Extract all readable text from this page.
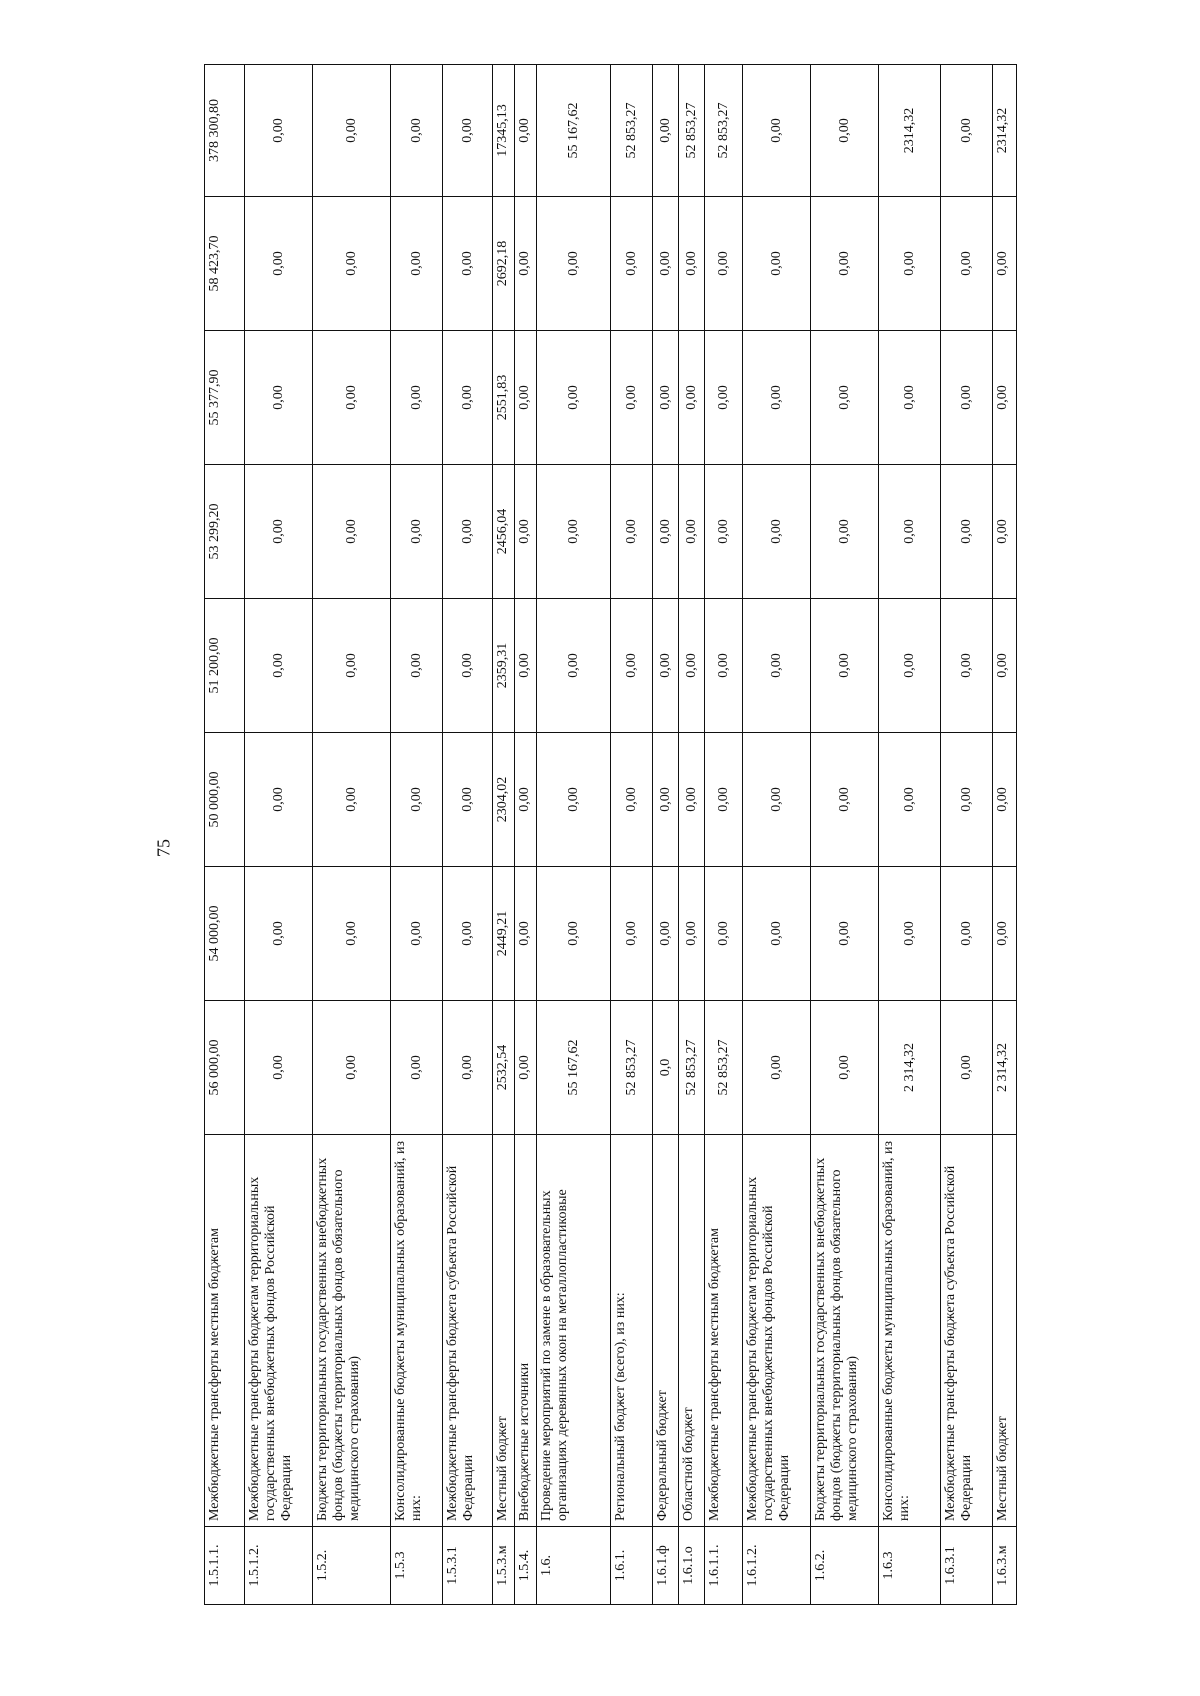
75
1.5.1.1.	Межбюджетные трансферты местным бюджетам	56 000,00	54 000,00	50 000,00	51 200,00	53 299,20	55 377,90	58 423,70	378 300,80
1.5.1.2.	Межбюджетные трансферты бюджетам территориальных государственных внебюджетных фондов Российской Федерации	0,00	0,00	0,00	0,00	0,00	0,00	0,00	0,00
1.5.2.	Бюджеты территориальных государственных внебюджетных фондов (бюджеты территориальных фондов обязательного медицинского страхования)	0,00	0,00	0,00	0,00	0,00	0,00	0,00	0,00
1.5.3	Консолидированные бюджеты муниципальных образований, из них:	0,00	0,00	0,00	0,00	0,00	0,00	0,00	0,00
1.5.3.1	Межбюджетные трансферты бюджета субъекта Российской Федерации	0,00	0,00	0,00	0,00	0,00	0,00	0,00	0,00
1.5.3.м	Местный бюджет	2532,54	2449,21	2304,02	2359,31	2456,04	2551,83	2692,18	17345,13
1.5.4.	Внебюджетные источники	0,00	0,00	0,00	0,00	0,00	0,00	0,00	0,00
1.6.	Проведение мероприятий по замене в образовательных организациях деревянных окон на металлопластиковые	55 167,62	0,00	0,00	0,00	0,00	0,00	0,00	55 167,62
1.6.1.	Региональный бюджет (всего), из них:	52 853,27	0,00	0,00	0,00	0,00	0,00	0,00	52 853,27
1.6.1.ф	Федеральный бюджет	0,0	0,00	0,00	0,00	0,00	0,00	0,00	0,00
1.6.1.о	Областной бюджет	52 853,27	0,00	0,00	0,00	0,00	0,00	0,00	52 853,27
1.6.1.1.	Межбюджетные трансферты местным бюджетам	52 853,27	0,00	0,00	0,00	0,00	0,00	0,00	52 853,27
1.6.1.2.	Межбюджетные трансферты бюджетам территориальных государственных внебюджетных фондов Российской Федерации	0,00	0,00	0,00	0,00	0,00	0,00	0,00	0,00
1.6.2.	Бюджеты территориальных государственных внебюджетных фондов (бюджеты территориальных фондов обязательного медицинского страхования)	0,00	0,00	0,00	0,00	0,00	0,00	0,00	0,00
1.6.3	Консолидированные бюджеты муниципальных образований, из них:	2 314,32	0,00	0,00	0,00	0,00	0,00	0,00	2314,32
1.6.3.1	Межбюджетные трансферты бюджета субъекта Российской Федерации	0,00	0,00	0,00	0,00	0,00	0,00	0,00	0,00
1.6.3.м	Местный бюджет	2 314,32	0,00	0,00	0,00	0,00	0,00	0,00	2314,32
